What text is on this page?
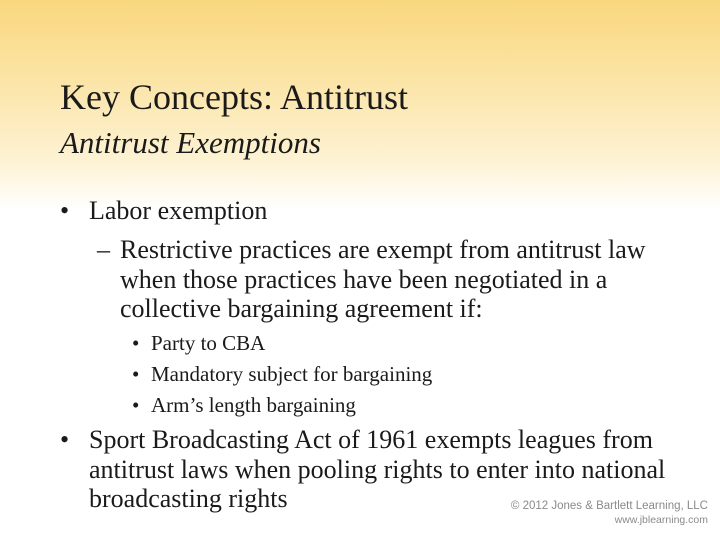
Key Concepts: Antitrust
Antitrust Exemptions
• Labor exemption
– Restrictive practices are exempt from antitrust law when those practices have been negotiated in a collective bargaining agreement if:
• Party to CBA
• Mandatory subject for bargaining
• Arm’s length bargaining
• Sport Broadcasting Act of 1961 exempts leagues from antitrust laws when pooling rights to enter into national broadcasting rights	© 2012 Jones & Bartlett Learning, LLC
www.jblearning.com
